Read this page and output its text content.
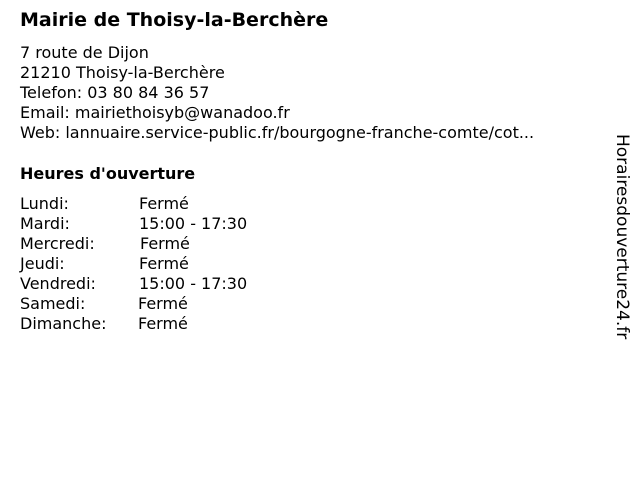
Mairie de Thoisy-la-Berchère
7 route de Dijon
21210 Thoisy-la-Berchère
Telefon: 03 80 84 36 57
Email: mairiethoisyb@wanadoo.fr
Web: lannuaire.service-public.fr/bourgogne-franche-comte/cot...
Heures d'ouverture
Lundi:	Fermé
Mardi:	15:00 - 17:30
Mercredi:	Fermé
Jeudi:	Fermé
Vendredi:	15:00 - 17:30
Samedi:	Fermé
Dimanche: Fermé	Horairesdouverture24.fr
